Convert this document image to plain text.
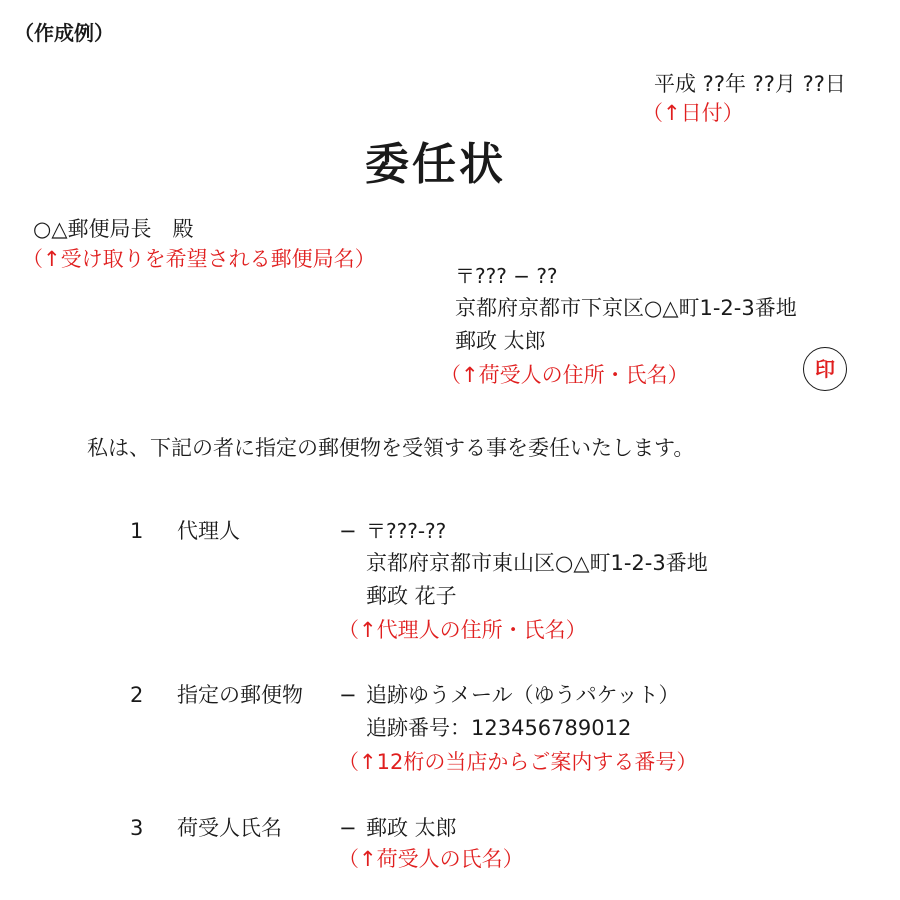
（作成例）
平成 ??年 ??月 ??日
（↑日付）
委任状
○△郵便局長　殿
（↑受け取りを希望される郵便局名）
〒??? − ??
京都府京都市下京区○△町1-2-3番地
郵政 太郎
（↑荷受人の住所・氏名）	印
私は、下記の者に指定の郵便物を受領する事を委任いたします。
1 代理人	− 〒???-??
京都府京都市東山区○△町1-2-3番地
郵政 花子
（↑代理人の住所・氏名）
2 指定の郵便物 − 追跡ゆうメール（ゆうパケット）
追跡番号：123456789012
（↑12桁の当店からご案内する番号）
3 荷受人氏名	− 郵政 太郎
（↑荷受人の氏名）
